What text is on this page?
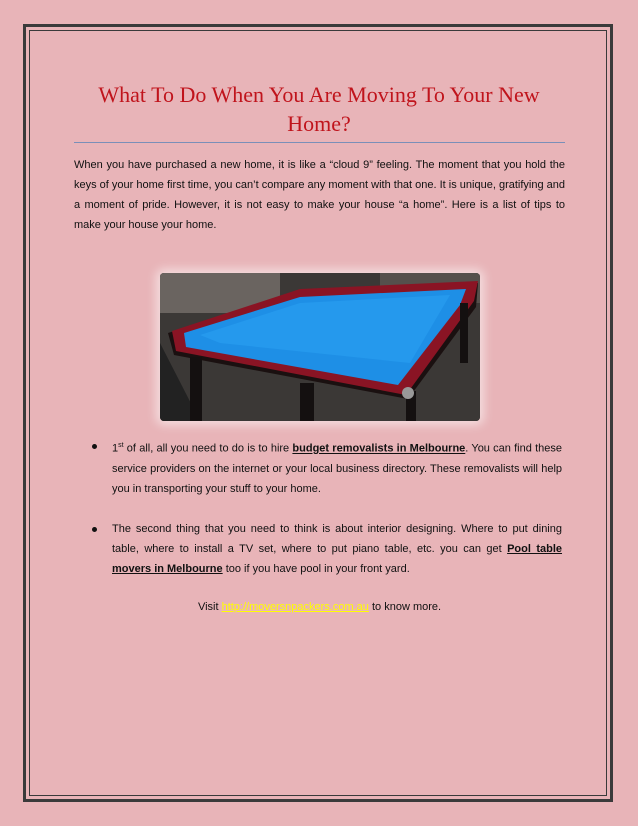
What To Do When You Are Moving To Your New Home?

When you have purchased a new home, it is like a “cloud 9” feeling. The moment that you hold the keys of your home first time, you can’t compare any moment with that one. It is unique, gratifying and a moment of pride. However, it is not easy to make your house “a home”. Here is a list of tips to make your house your home.

1st of all, all you need to do is to hire budget removalists in Melbourne. You can find these service providers on the internet or your local business directory. These removalists will help you in transporting your stuff to your home.
The second thing that you need to think is about interior designing. Where to put dining table, where to install a TV set, where to put piano table, etc. you can get Pool table movers in Melbourne too if you have pool in your front yard.

Visit http://moversnpackers.com.au to know more.
